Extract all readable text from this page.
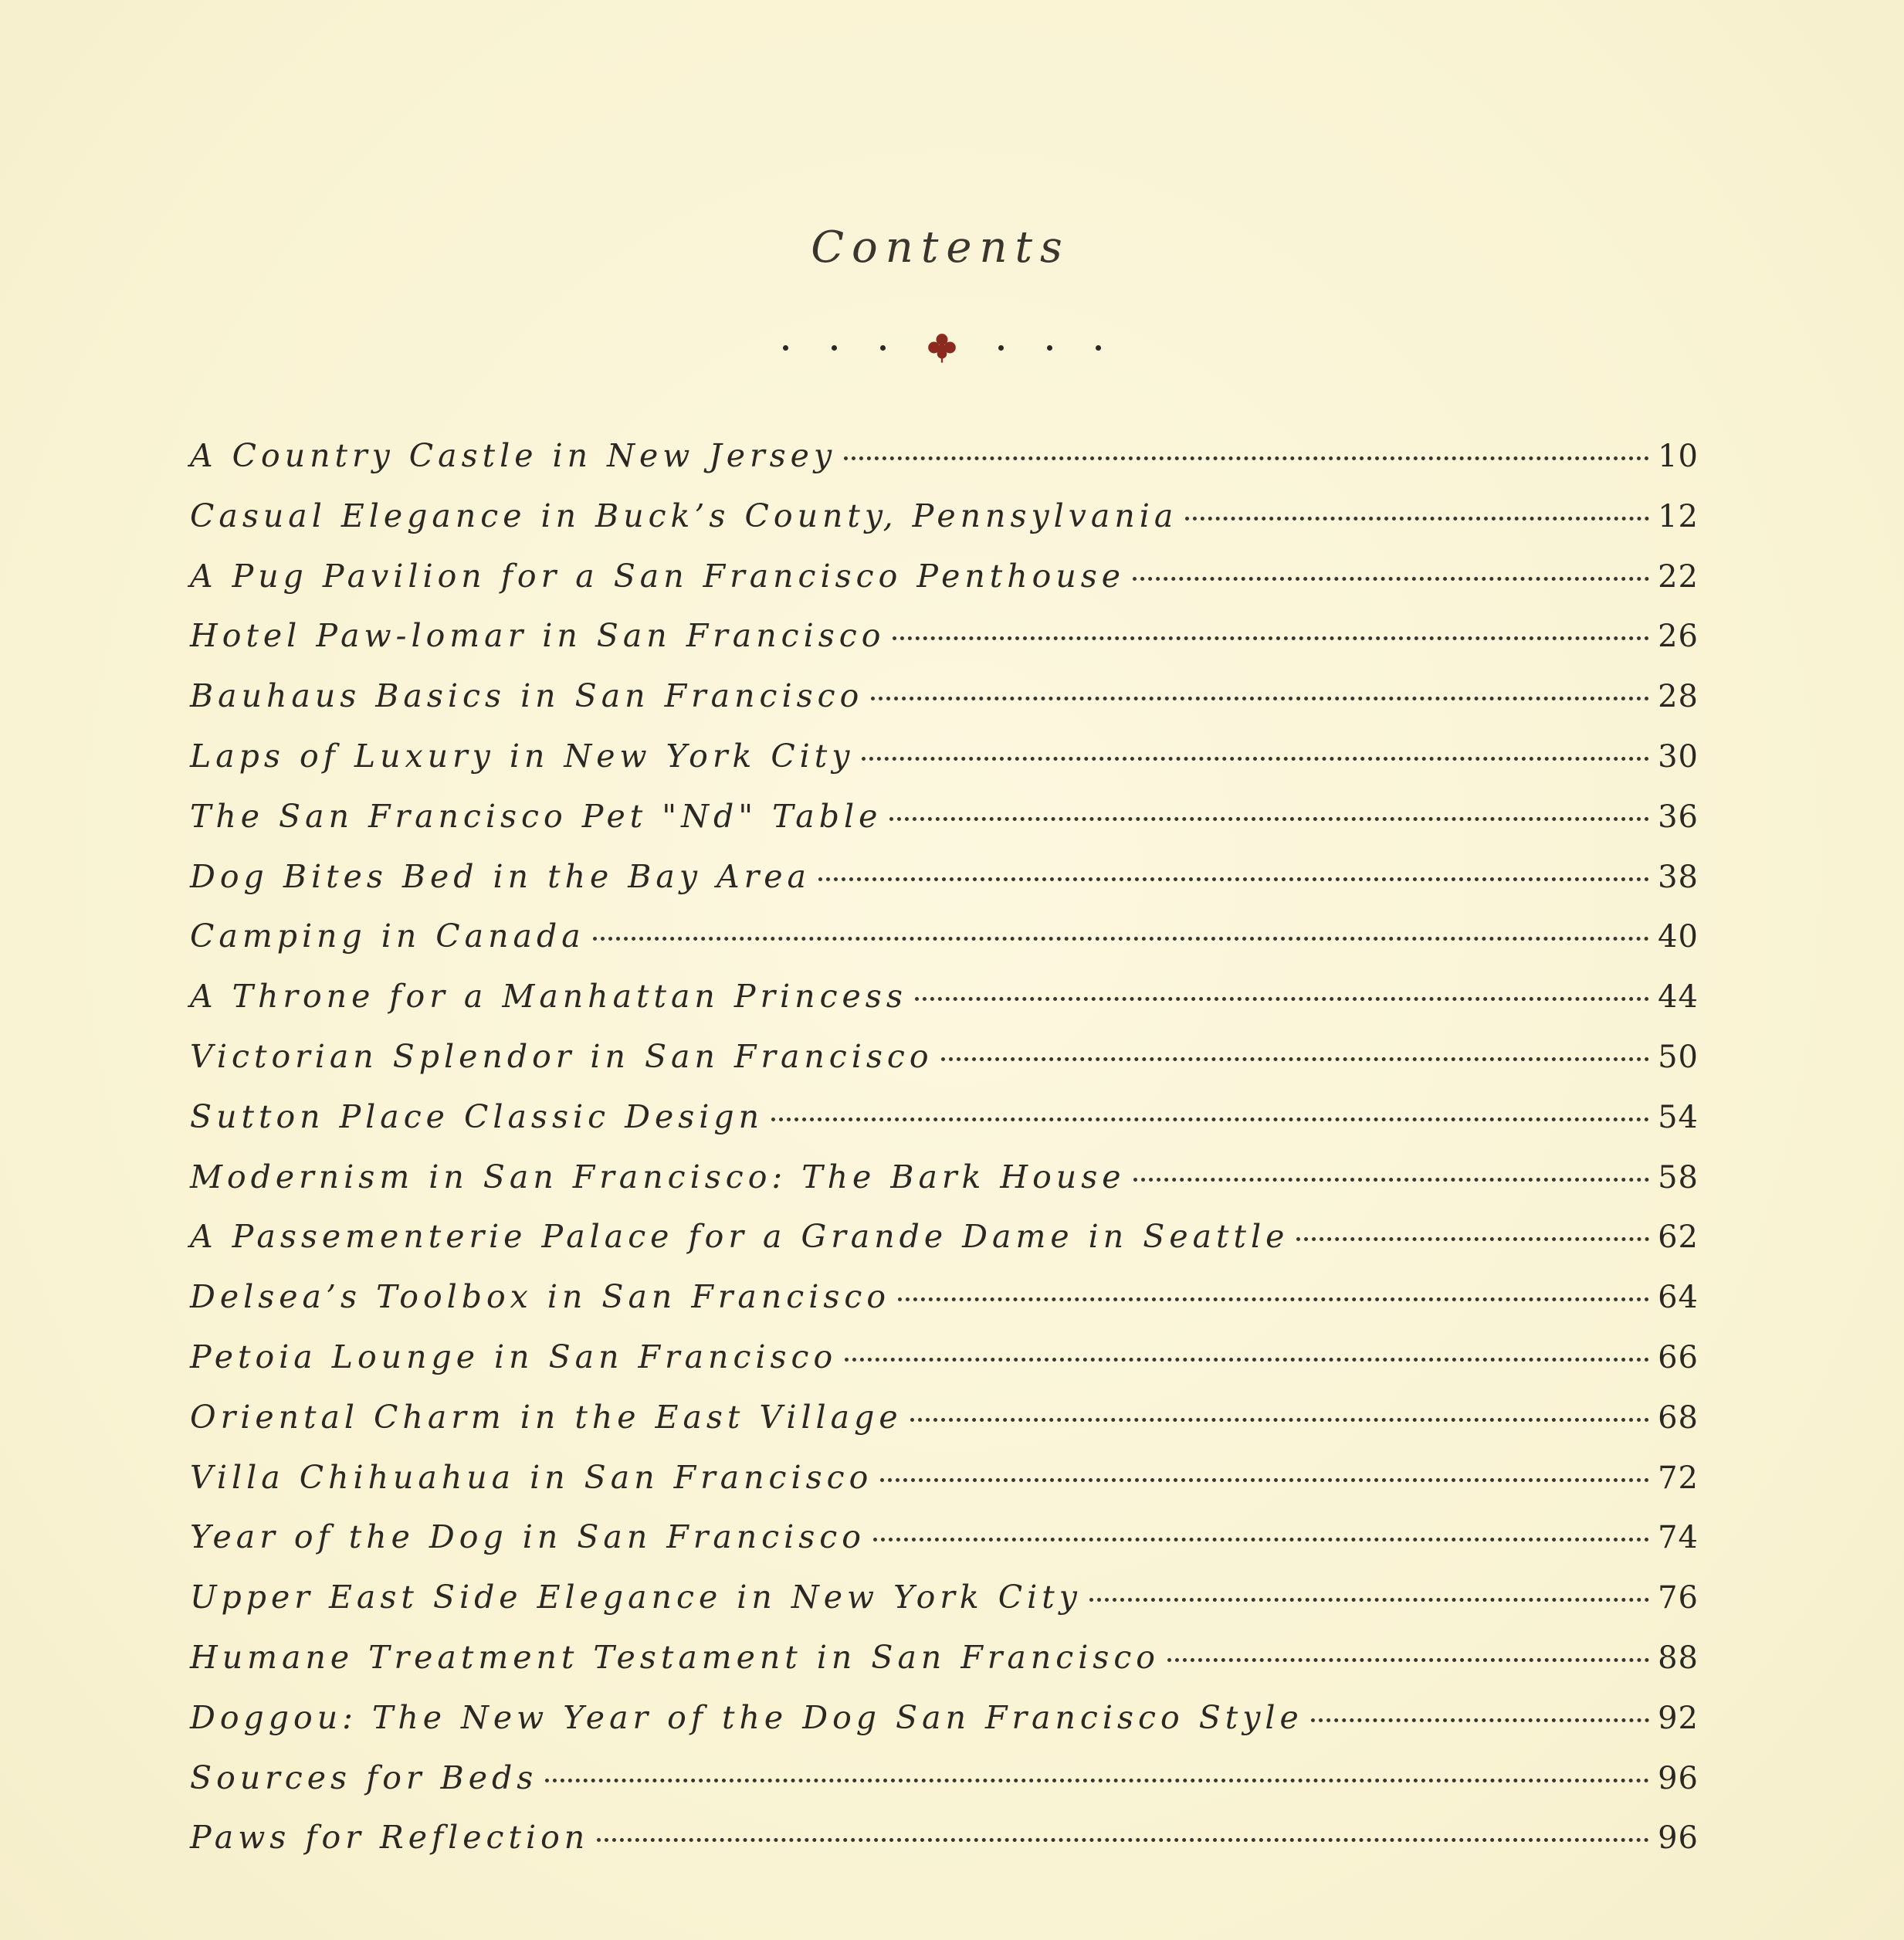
Contents
A Country Castle in New Jersey	10
Casual Elegance in Buck’s County, Pennsylvania	12
A Pug Pavilion for a San Francisco Penthouse	22
Hotel Paw-lomar in San Francisco	26
Bauhaus Basics in San Francisco	28
Laps of Luxury in New York City	30
The San Francisco Pet "Nd" Table	36
Dog Bites Bed in the Bay Area	38
Camping in Canada	40
A Throne for a Manhattan Princess	44
Victorian Splendor in San Francisco	50
Sutton Place Classic Design	54
Modernism in San Francisco: The Bark House	58
A Passementerie Palace for a Grande Dame in Seattle	62
Delsea’s Toolbox in San Francisco	64
Petoia Lounge in San Francisco	66
Oriental Charm in the East Village	68
Villa Chihuahua in San Francisco	72
Year of the Dog in San Francisco	74
Upper East Side Elegance in New York City	76
Humane Treatment Testament in San Francisco	88
Doggou: The New Year of the Dog San Francisco Style	92
Sources for Beds	96
Paws for Reflection	96
